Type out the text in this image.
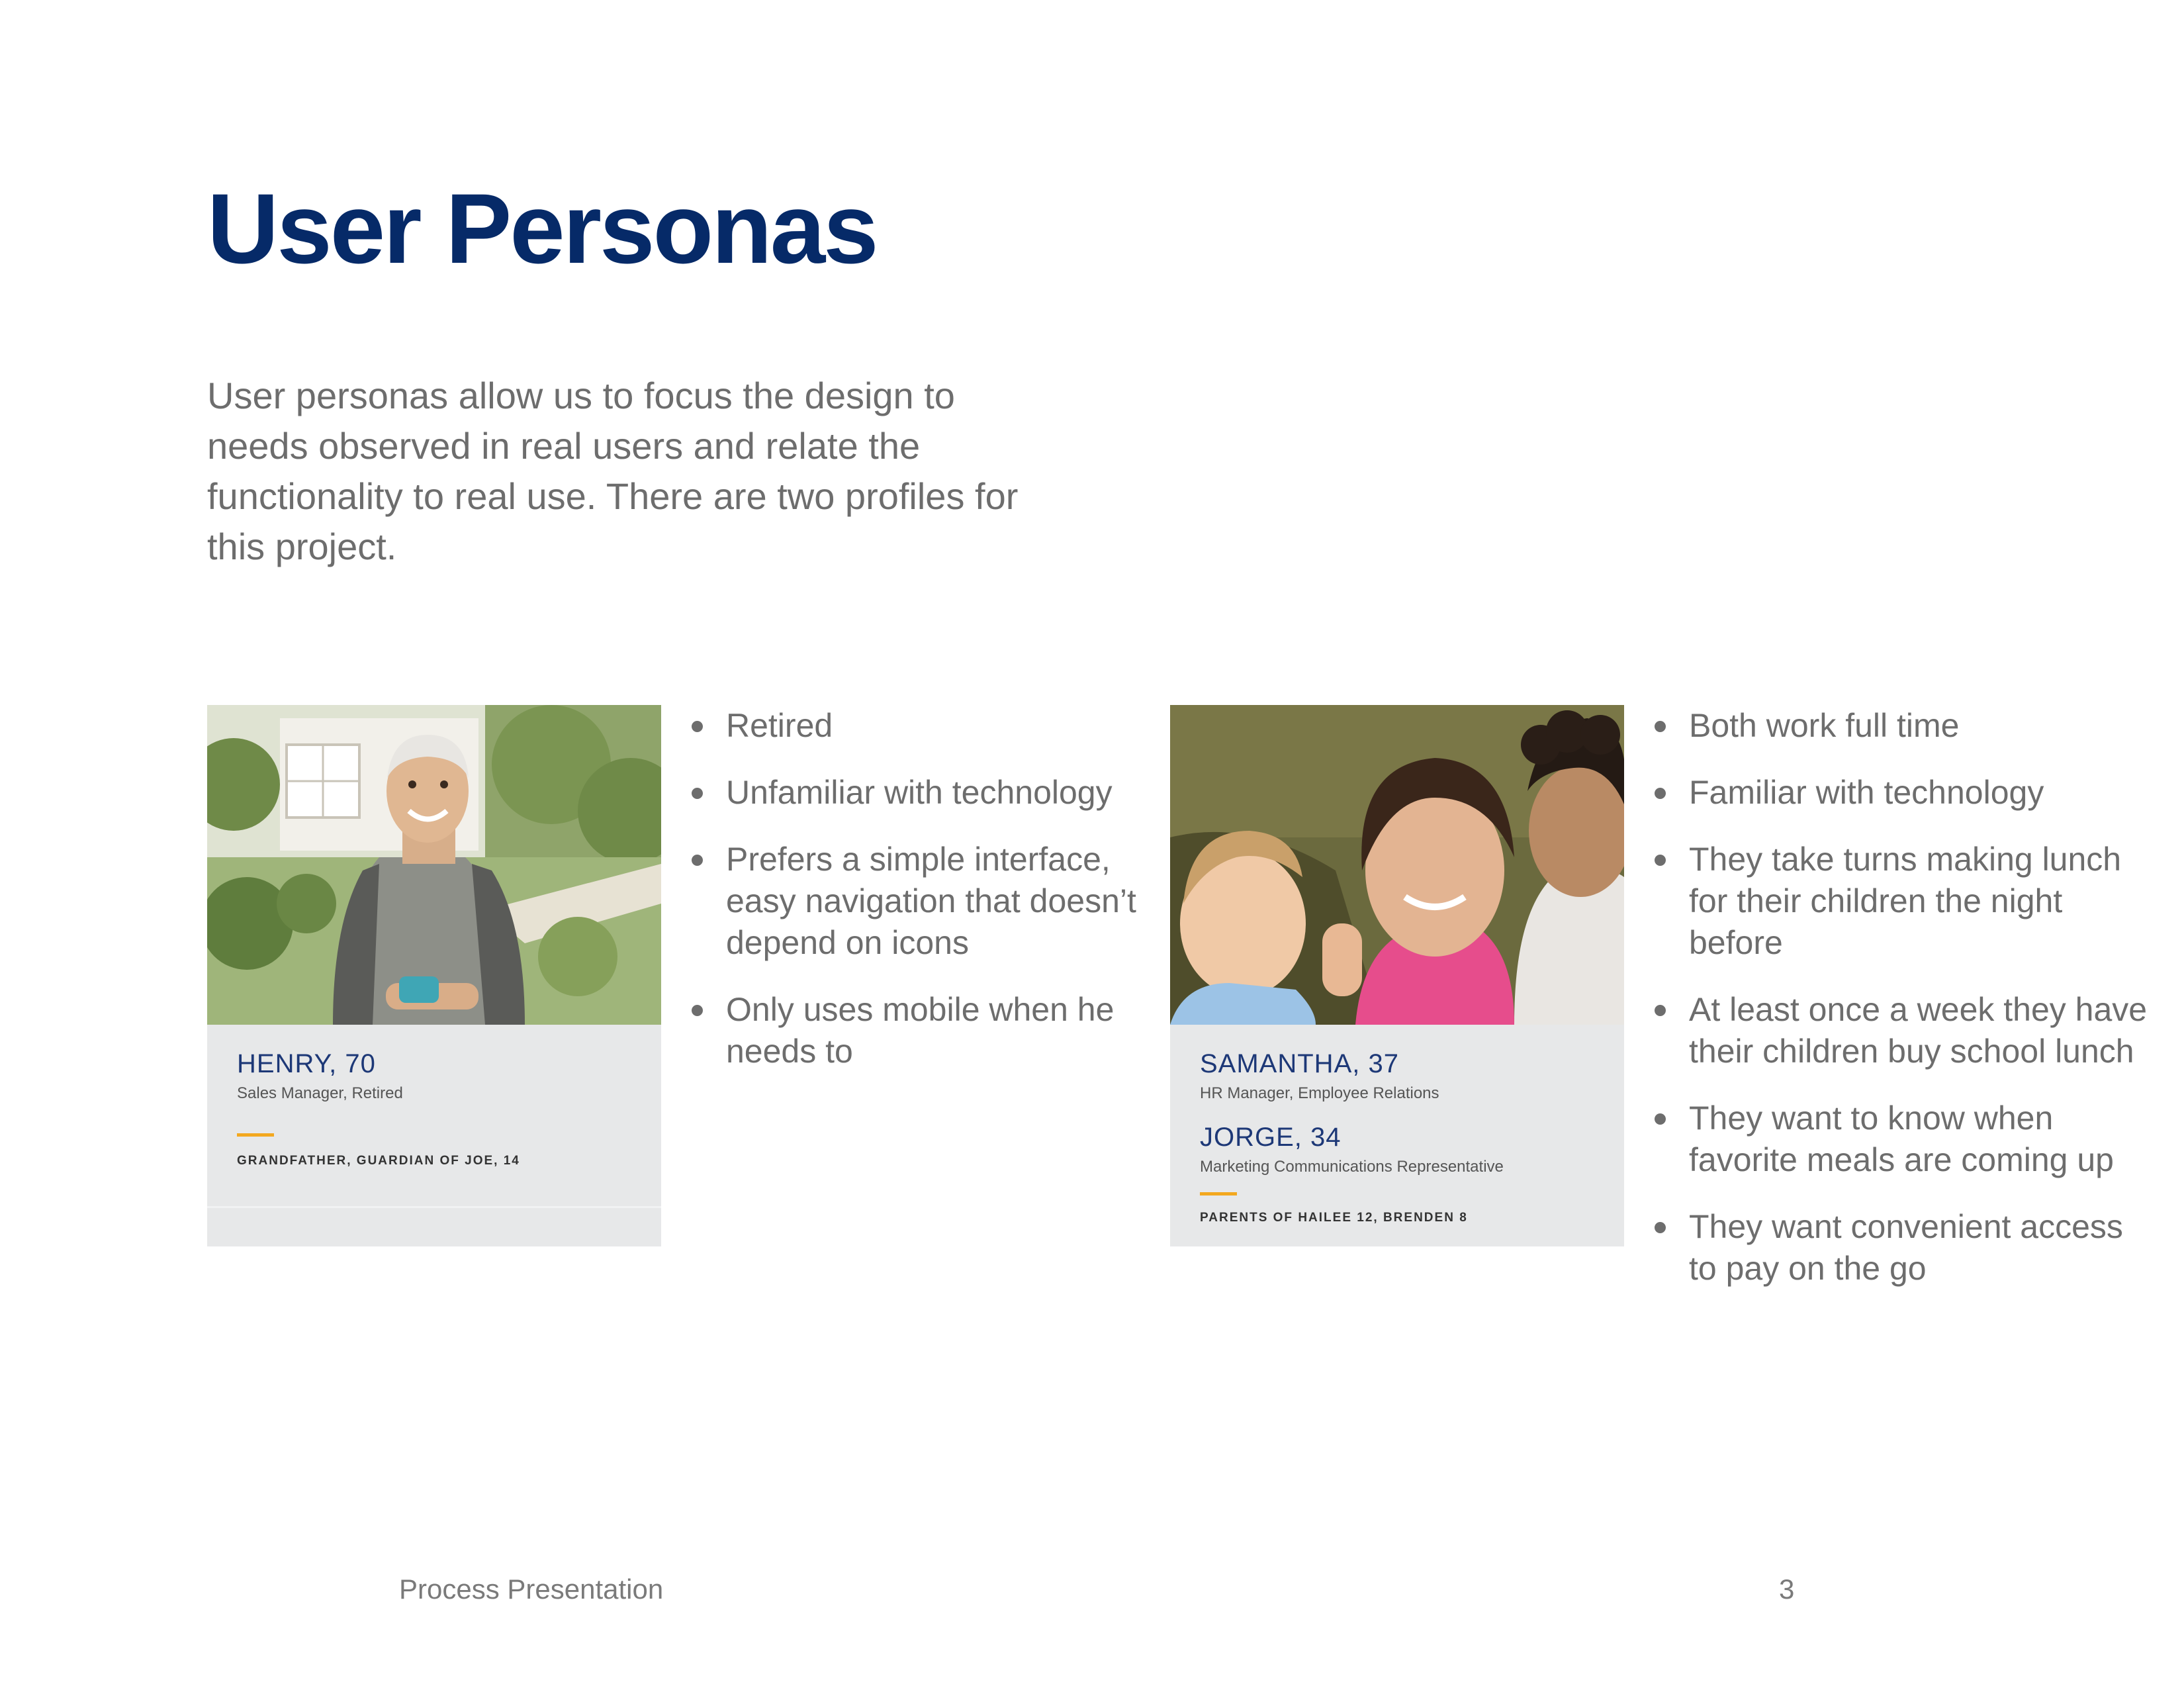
User Personas
User personas allow us to focus the design to needs observed in real users and relate the functionality to real use. There are two profiles for this project.
HENRY, 70
Sales Manager, Retired
GRANDFATHER, GUARDIAN OF JOE, 14
Retired
Unfamiliar with technology
Prefers a simple interface, easy navigation that doesn’t depend on icons
Only uses mobile when he needs to	SAMANTHA, 37
HR Manager, Employee Relations
JORGE, 34
Marketing Communications Representative
PARENTS OF HAILEE 12, BRENDEN 8
Both work full time
Familiar with technology
They take turns making lunch for their children the night before
At least once a week they have their children buy school lunch
They want to know when favorite meals are coming up
They want convenient access to pay on the go
Process Presentation	3
